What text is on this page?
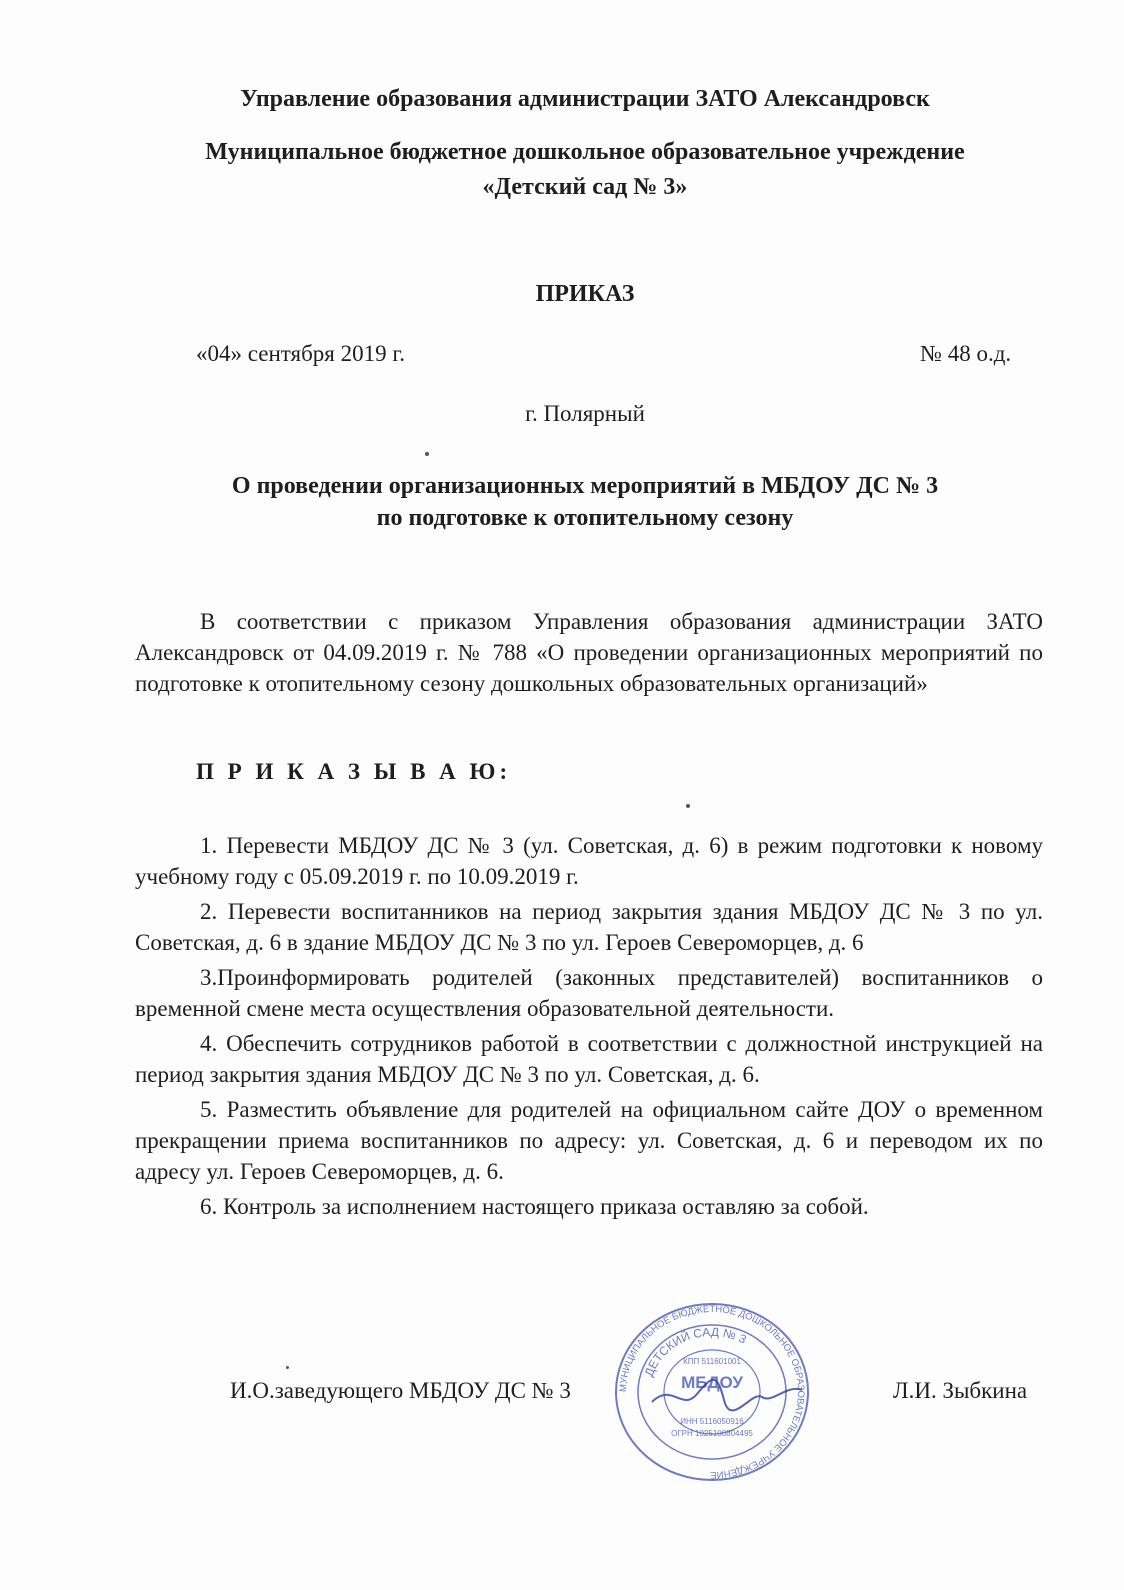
Управление образования администрации ЗАТО Александровск
Муниципальное бюджетное дошкольное образовательное учреждение
«Детский сад № 3»
ПРИКАЗ
«04» сентября 2019 г.	№ 48 о.д.
г. Полярный
О проведении организационных мероприятий в МБДОУ ДС № 3
по подготовке к отопительному сезону

В соответствии с приказом Управления образования администрации ЗАТО Александровск от 04.09.2019 г. № 788 «О проведении организационных мероприятий по подготовке к отопительному сезону дошкольных образовательных организаций»

П Р И К А З Ы В А Ю:

1. Перевести МБДОУ ДС № 3 (ул. Советская, д. 6) в режим подготовки к новому учебному году с 05.09.2019 г. по 10.09.2019 г.

2. Перевести воспитанников на период закрытия здания МБДОУ ДС № 3 по ул. Советская, д. 6 в здание МБДОУ ДС № 3 по ул. Героев Североморцев, д. 6

3.Проинформировать родителей (законных представителей) воспитанников о временной смене места осуществления образовательной деятельности.

4. Обеспечить сотрудников работой в соответствии с должностной инструкцией на период закрытия здания МБДОУ ДС № 3 по ул. Советская, д. 6.

5. Разместить объявление для родителей на официальном сайте ДОУ о временном прекращении приема воспитанников по адресу: ул. Советская, д. 6 и переводом их по адресу ул. Героев Североморцев, д. 6.

6. Контроль за исполнением настоящего приказа оставляю за собой.

И.О.заведующего МБДОУ ДС № 3	Л.И. Зыбкина
МУНИЦИПАЛЬНОЕ БЮДЖЕТНОЕ ДОШКОЛЬНОЕ ОБРАЗОВАТЕЛЬНОЕ УЧРЕЖДЕНИЕ
ДЕТСКИЙ САД № 3
КПП 511601001
МБДОУ
ИНН 5116050916
ОГРН 1025100804495
